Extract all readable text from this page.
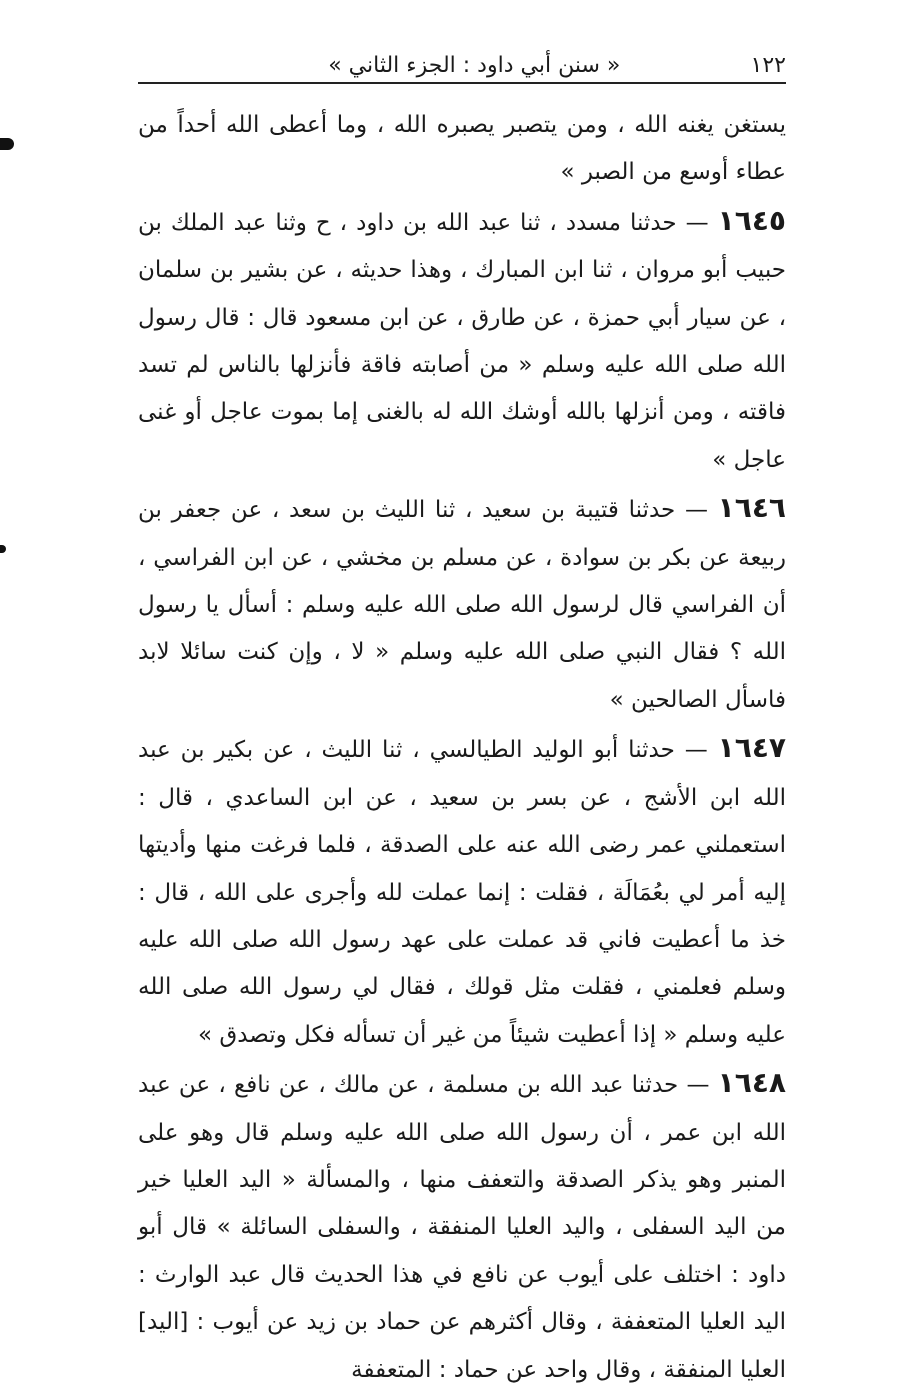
١٢٢
« سنن أبي داود : الجزء الثاني »

يستغن يغنه الله ، ومن يتصبر يصبره الله ، وما أعطى الله أحداً من عطاء أوسع من الصبر »

١٦٤٥ — حدثنا مسدد ، ثنا عبد الله بن داود ، ح وثنا عبد الملك بن حبيب أبو مروان ، ثنا ابن المبارك ، وهذا حديثه ، عن بشير بن سلمان ، عن سيار أبي حمزة ، عن طارق ، عن ابن مسعود قال : قال رسول الله صلى الله عليه وسلم « من أصابته فاقة فأنزلها بالناس لم تسد فاقته ، ومن أنزلها بالله أوشك الله له بالغنى إما بموت عاجل أو غنى عاجل »

١٦٤٦ — حدثنا قتيبة بن سعيد ، ثنا الليث بن سعد ، عن جعفر بن ربيعة عن بكر بن سوادة ، عن مسلم بن مخشي ، عن ابن الفراسي ، أن الفراسي قال لرسول الله صلى الله عليه وسلم : أسأل يا رسول الله ؟ فقال النبي صلى الله عليه وسلم « لا ، وإن كنت سائلا لابد فاسأل الصالحين »

١٦٤٧ — حدثنا أبو الوليد الطيالسي ، ثنا الليث ، عن بكير بن عبد الله ابن الأشج ، عن بسر بن سعيد ، عن ابن الساعدي ، قال : استعملني عمر رضى الله عنه على الصدقة ، فلما فرغت منها وأديتها إليه أمر لي بعُمَالَة ، فقلت : إنما عملت لله وأجرى على الله ، قال : خذ ما أعطيت فاني قد عملت على عهد رسول الله صلى الله عليه وسلم فعلمني ، فقلت مثل قولك ، فقال لي رسول الله صلى الله عليه وسلم « إذا أعطيت شيئاً من غير أن تسأله فكل وتصدق »

١٦٤٨ — حدثنا عبد الله بن مسلمة ، عن مالك ، عن نافع ، عن عبد الله ابن عمر ، أن رسول الله صلى الله عليه وسلم قال وهو على المنبر وهو يذكر الصدقة والتعفف منها ، والمسألة « اليد العليا خير من اليد السفلى ، واليد العليا المنفقة ، والسفلى السائلة » قال أبو داود : اختلف على أيوب عن نافع في هذا الحديث قال عبد الوارث : اليد العليا المتعففة ، وقال أكثرهم عن حماد بن زيد عن أيوب : [اليد] العليا المنفقة ، وقال واحد عن حماد : المتعففة
